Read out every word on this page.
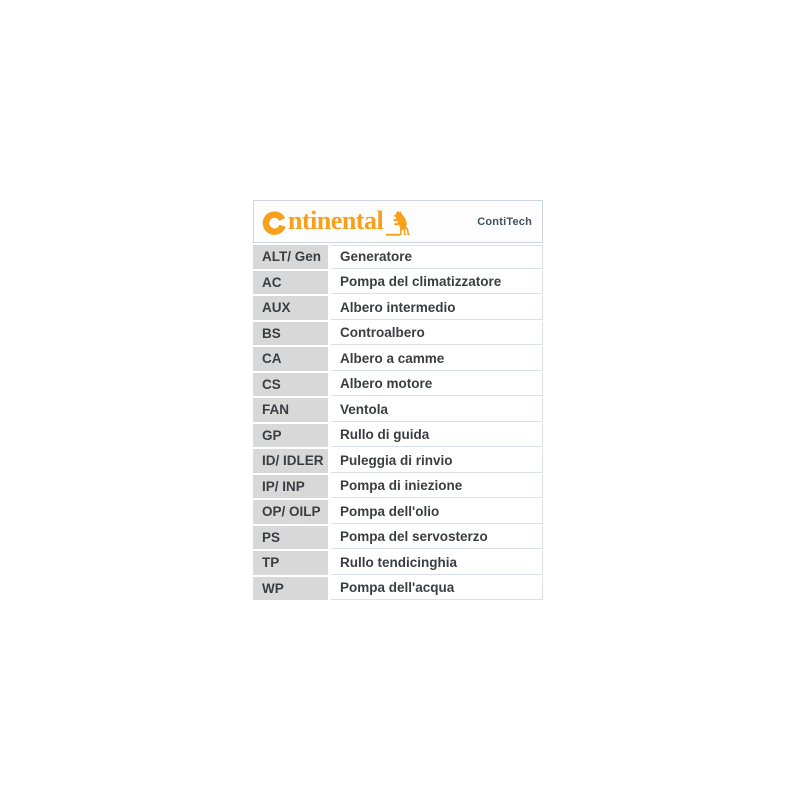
ntinental	ContiTech
ALT/ Gen	Generatore
AC	Pompa del climatizzatore
AUX	Albero intermedio
BS	Controalbero
CA	Albero a camme
CS	Albero motore
FAN	Ventola
GP	Rullo di guida
ID/ IDLER	Puleggia di rinvio
IP/ INP	Pompa di iniezione
OP/ OILP	Pompa dell'olio
PS	Pompa del servosterzo
TP	Rullo tendicinghia
WP	Pompa dell'acqua
